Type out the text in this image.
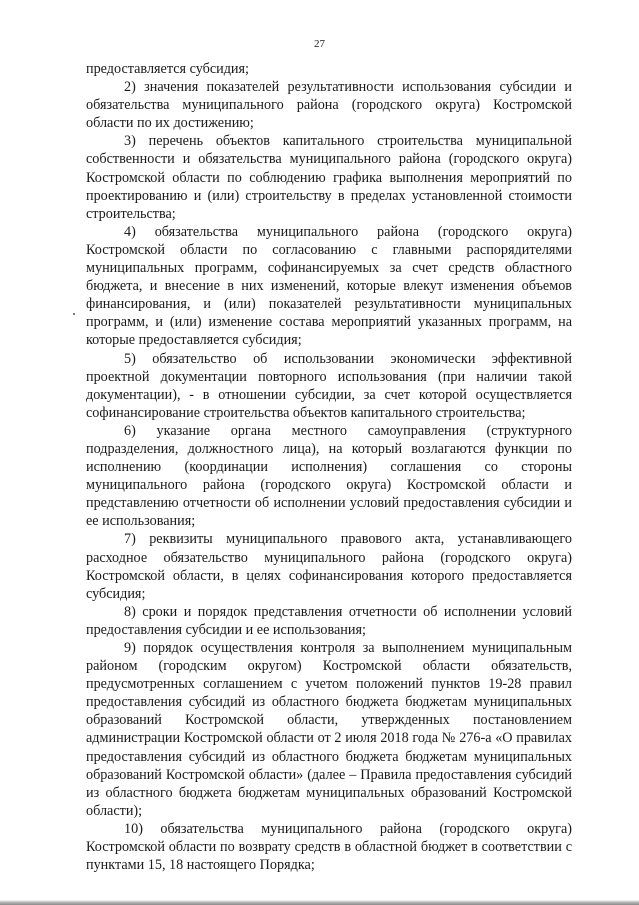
27

предоставляется субсидия;

2) значения показателей результативности использования субсидии и обязательства муниципального района (городского округа) Костромской области по их достижению;

3) перечень объектов капитального строительства муниципальной собственности и обязательства муниципального района (городского округа) Костромской области по соблюдению графика выполнения мероприятий по проектированию и (или) строительству в пределах установленной стоимости строительства;

4) обязательства муниципального района (городского округа) Костромской области по согласованию с главными распорядителями муниципальных программ, софинансируемых за счет средств областного бюджета, и внесение в них изменений, которые влекут изменения объемов финансирования, и (или) показателей результативности муниципальных программ, и (или) изменение состава мероприятий указанных программ, на которые предоставляется субсидия;

5) обязательство об использовании экономически эффективной проектной документации повторного использования (при наличии такой документации), - в отношении субсидии, за счет которой осуществляется софинансирование строительства объектов капитального строительства;

6) указание органа местного самоуправления (структурного подразделения, должностного лица), на который возлагаются функции по исполнению (координации исполнения) соглашения со стороны муниципального района (городского округа) Костромской области и представлению отчетности об исполнении условий предоставления субсидии и ее использования;

7) реквизиты муниципального правового акта, устанавливающего расходное обязательство муниципального района (городского округа) Костромской области, в целях софинансирования которого предоставляется субсидия;

8) сроки и порядок представления отчетности об исполнении условий предоставления субсидии и ее использования;

9) порядок осуществления контроля за выполнением муниципальным районом (городским округом) Костромской области обязательств, предусмотренных соглашением с учетом положений пунктов 19-28 правил предоставления субсидий из областного бюджета бюджетам муниципальных образований Костромской области, утвержденных постановлением администрации Костромской области от 2 июля 2018 года № 276-а «О правилах предоставления субсидий из областного бюджета бюджетам муниципальных образований Костромской области» (далее – Правила предоставления субсидий из областного бюджета бюджетам муниципальных образований Костромской области);

10) обязательства муниципального района (городского округа) Костромской области по возврату средств в областной бюджет в соответствии с пунктами 15, 18 настоящего Порядка;
